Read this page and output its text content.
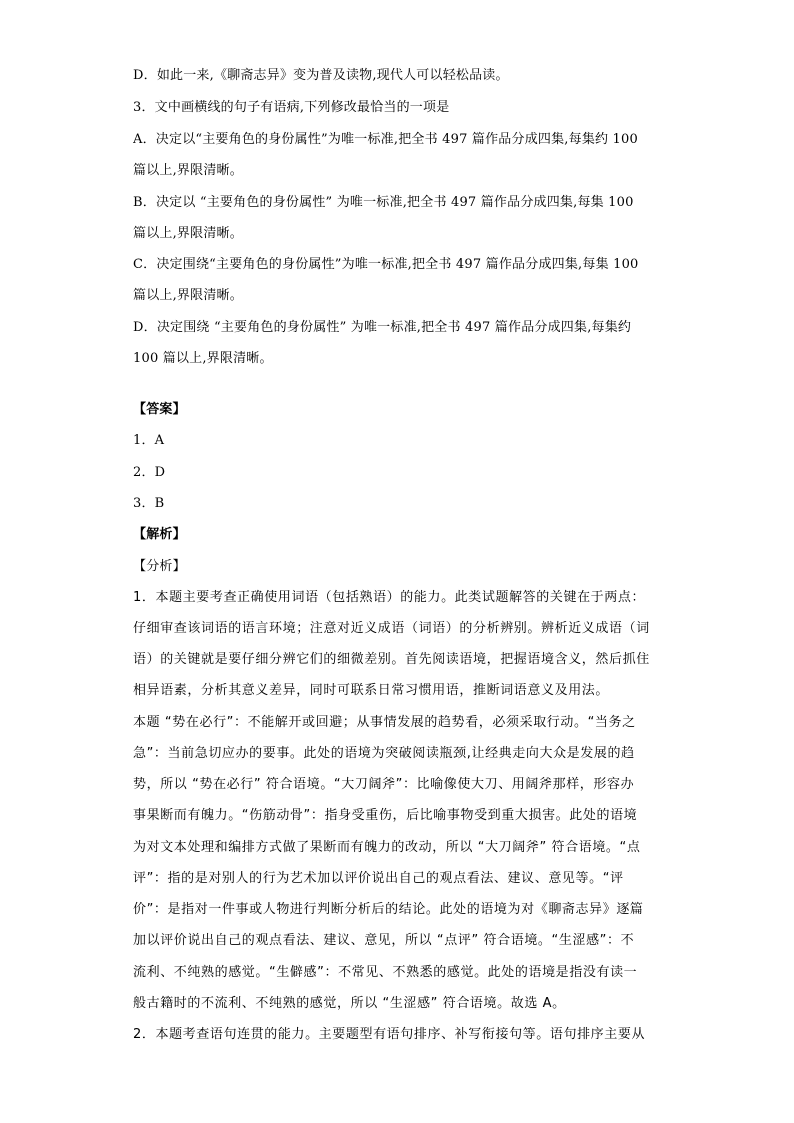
D．如此一来,《聊斋志异》变为普及读物,现代人可以轻松品读。
3．文中画横线的句子有语病,下列修改最恰当的一项是
A．决定以“主要角色的身份属性”为唯一标准,把全书 497 篇作品分成四集,每集约 100
篇以上,界限清晰。
B．决定以 “主要角色的身份属性” 为唯一标准,把全书 497 篇作品分成四集,每集 100
篇以上,界限清晰。
C．决定围绕“主要角色的身份属性”为唯一标准,把全书 497 篇作品分成四集,每集 100
篇以上,界限清晰。
D．决定围绕 “主要角色的身份属性” 为唯一标准,把全书 497 篇作品分成四集,每集约
100 篇以上,界限清晰。
【答案】
1．A
2．D
3．B
【解析】
【分析】
1．本题主要考查正确使用词语（包括熟语）的能力。此类试题解答的关键在于两点：
仔细审查该词语的语言环境；注意对近义成语（词语）的分析辨别。辨析近义成语（词
语）的关键就是要仔细分辨它们的细微差别。首先阅读语境，把握语境含义，然后抓住
相异语素，分析其意义差异，同时可联系日常习惯用语，推断词语意义及用法。
本题 “势在必行”：不能解开或回避；从事情发展的趋势看，必须采取行动。“当务之
急”：当前急切应办的要事。此处的语境为突破阅读瓶颈,让经典走向大众是发展的趋
势，所以 “势在必行” 符合语境。“大刀阔斧”：比喻像使大刀、用阔斧那样，形容办
事果断而有魄力。“伤筋动骨”：指身受重伤，后比喻事物受到重大损害。此处的语境
为对文本处理和编排方式做了果断而有魄力的改动，所以 “大刀阔斧” 符合语境。“点
评”：指的是对别人的行为艺术加以评价说出自己的观点看法、建议、意见等。“评
价”：是指对一件事或人物进行判断分析后的结论。此处的语境为对《聊斋志异》逐篇
加以评价说出自己的观点看法、建议、意见，所以 “点评” 符合语境。“生涩感”：不
流利、不纯熟的感觉。“生僻感”：不常见、不熟悉的感觉。此处的语境是指没有读一
般古籍时的不流利、不纯熟的感觉，所以 “生涩感” 符合语境。故选 A。
2．本题考查语句连贯的能力。主要题型有语句排序、补写衔接句等。语句排序主要从
